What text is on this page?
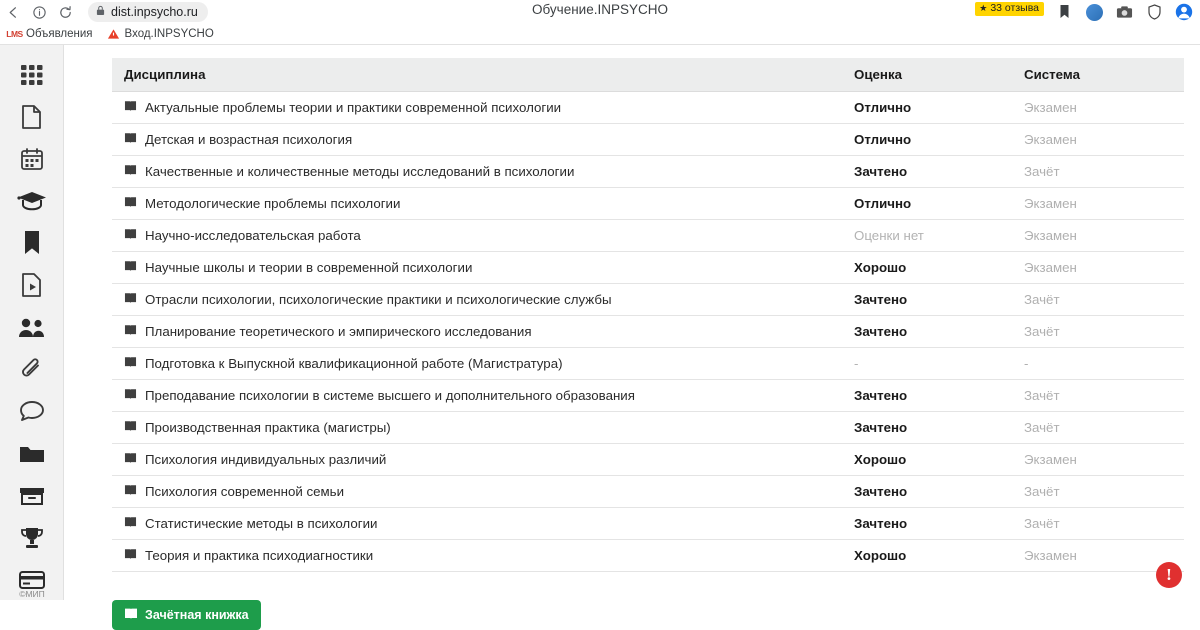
dist.inpsycho.ru	Обучение.INPSYCHO	★ 33 отзыва
LMS Объявления	Вход.INPSYCHO
©МИП
Дисциплина	Оценка	Система

Актуальные проблемы теории и практики современной психологии	Отлично	Экзамен

Детская и возрастная психология	Отлично	Экзамен

Качественные и количественные методы исследований в психологии	Зачтено	Зачёт

Методологические проблемы психологии	Отлично	Экзамен

Научно-исследовательская работа	Оценки нет	Экзамен

Научные школы и теории в современной психологии	Хорошо	Экзамен

Отрасли психологии, психологические практики и психологические службы	Зачтено	Зачёт

Планирование теоретического и эмпирического исследования	Зачтено	Зачёт

Подготовка к Выпускной квалификационной работе (Магистратура)	-	-

Преподавание психологии в системе высшего и дополнительного образования	Зачтено	Зачёт

Производственная практика (магистры)	Зачтено	Зачёт

Психология индивидуальных различий	Хорошо	Экзамен

Психология современной семьи	Зачтено	Зачёт

Статистические методы в психологии	Зачтено	Зачёт

Теория и практика психодиагностики	Хорошо	Экзамен
Зачётная книжка
!
